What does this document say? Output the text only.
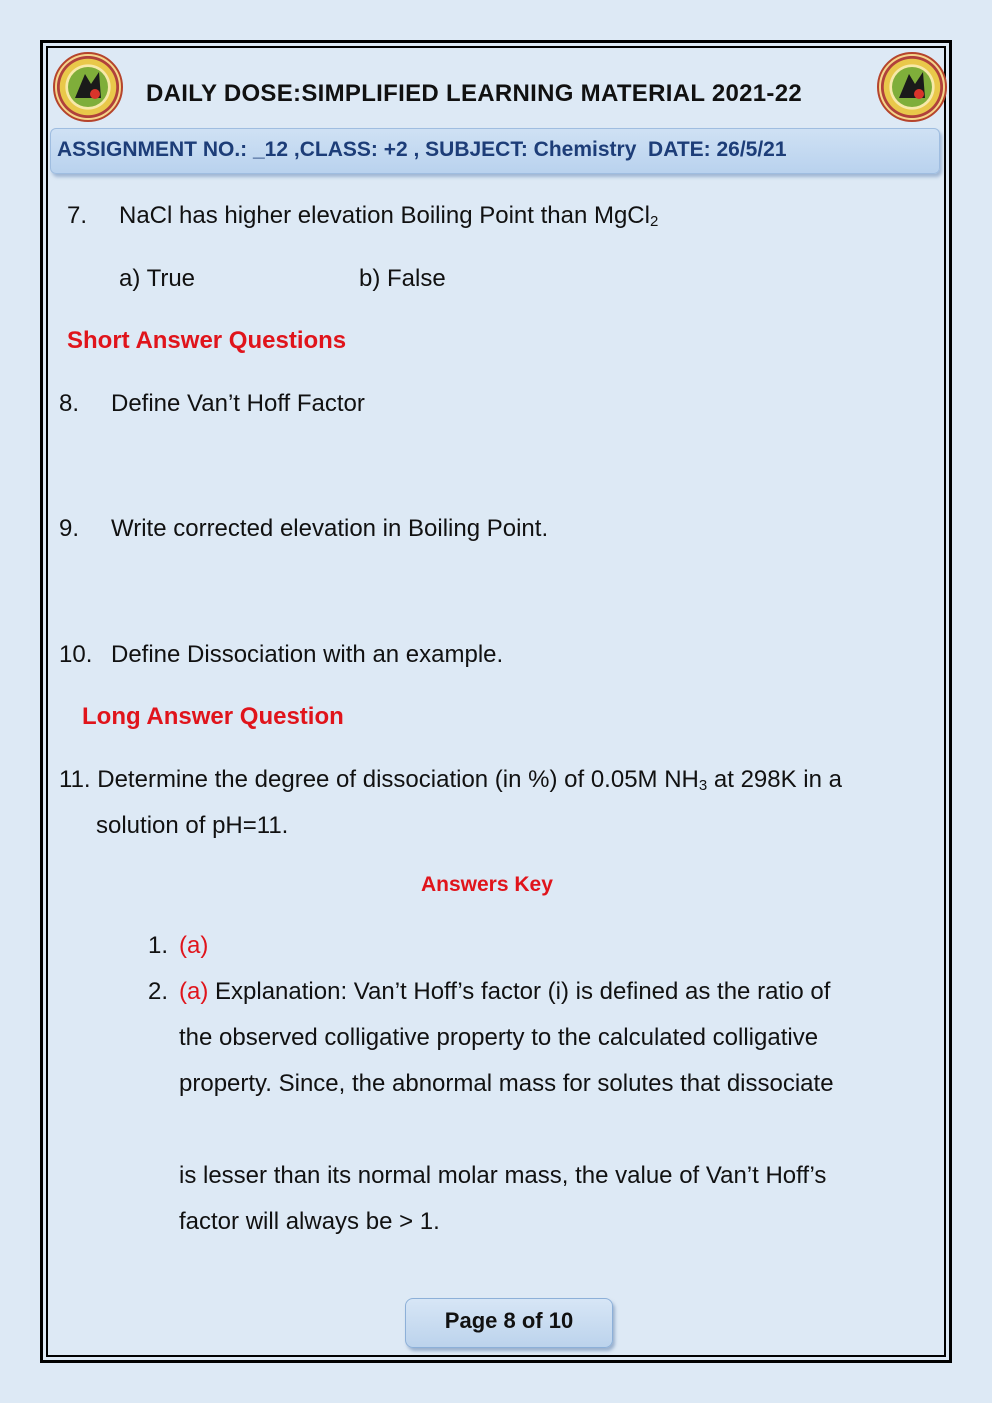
DAILY DOSE:SIMPLIFIED LEARNING MATERIAL 2021-22
ASSIGNMENT NO.: _12 ,CLASS: +2 , SUBJECT: Chemistry  DATE: 26/5/21
7. NaCl has higher elevation Boiling Point than MgCl$_2$
a) True	b) False
Short Answer Questions
8. Define Van’t Hoff Factor
9. Write corrected elevation in Boiling Point.
10. Define Dissociation with an example.
Long Answer Question
11. Determine the degree of dissociation (in %) of 0.05M $NH_3$ at 298K in a
solution of pH=11.
Answers Key
1. (a)
2. (a) Explanation: Van’t Hoff’s factor (i) is defined as the ratio of
the observed colligative property to the calculated colligative
property. Since, the abnormal mass for solutes that dissociate
is lesser than its normal molar mass, the value of Van’t Hoff’s
factor will always be > 1.
Page 8 of 10
